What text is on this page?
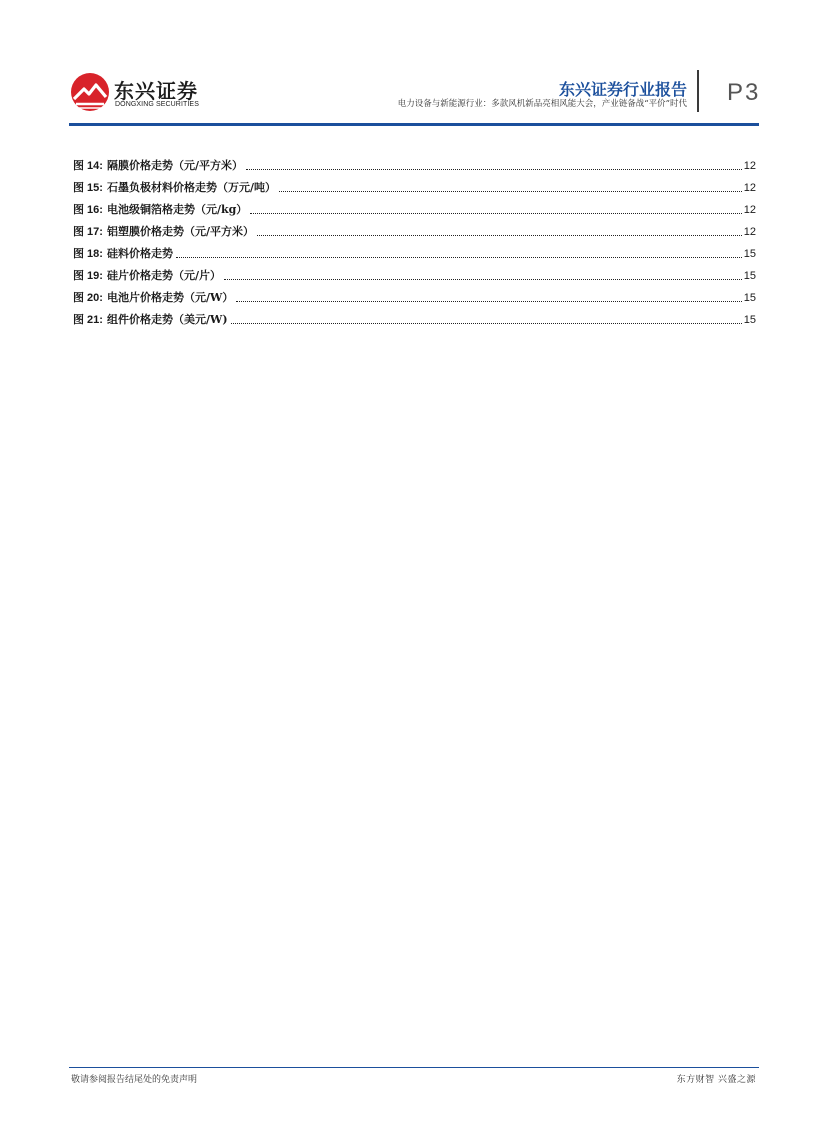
东兴证券
DONGXING SECURITIES
东兴证券行业报告
电力设备与新能源行业：多款风机新品亮相风能大会，产业链备战“平价”时代 P3
图 14: 隔膜价格走势（元/平方米）	12
图 15: 石墨负极材料价格走势（万元/吨）	12
图 16: 电池级铜箔格走势（元/kg）	12
图 17: 铝塑膜价格走势（元/平方米）	12
图 18: 硅料价格走势	15
图 19: 硅片价格走势（元/片）	15
图 20: 电池片价格走势（元/W）	15
图 21: 组件价格走势（美元/W)	15
敬请参阅报告结尾处的免责声明	东方财智 兴盛之源
